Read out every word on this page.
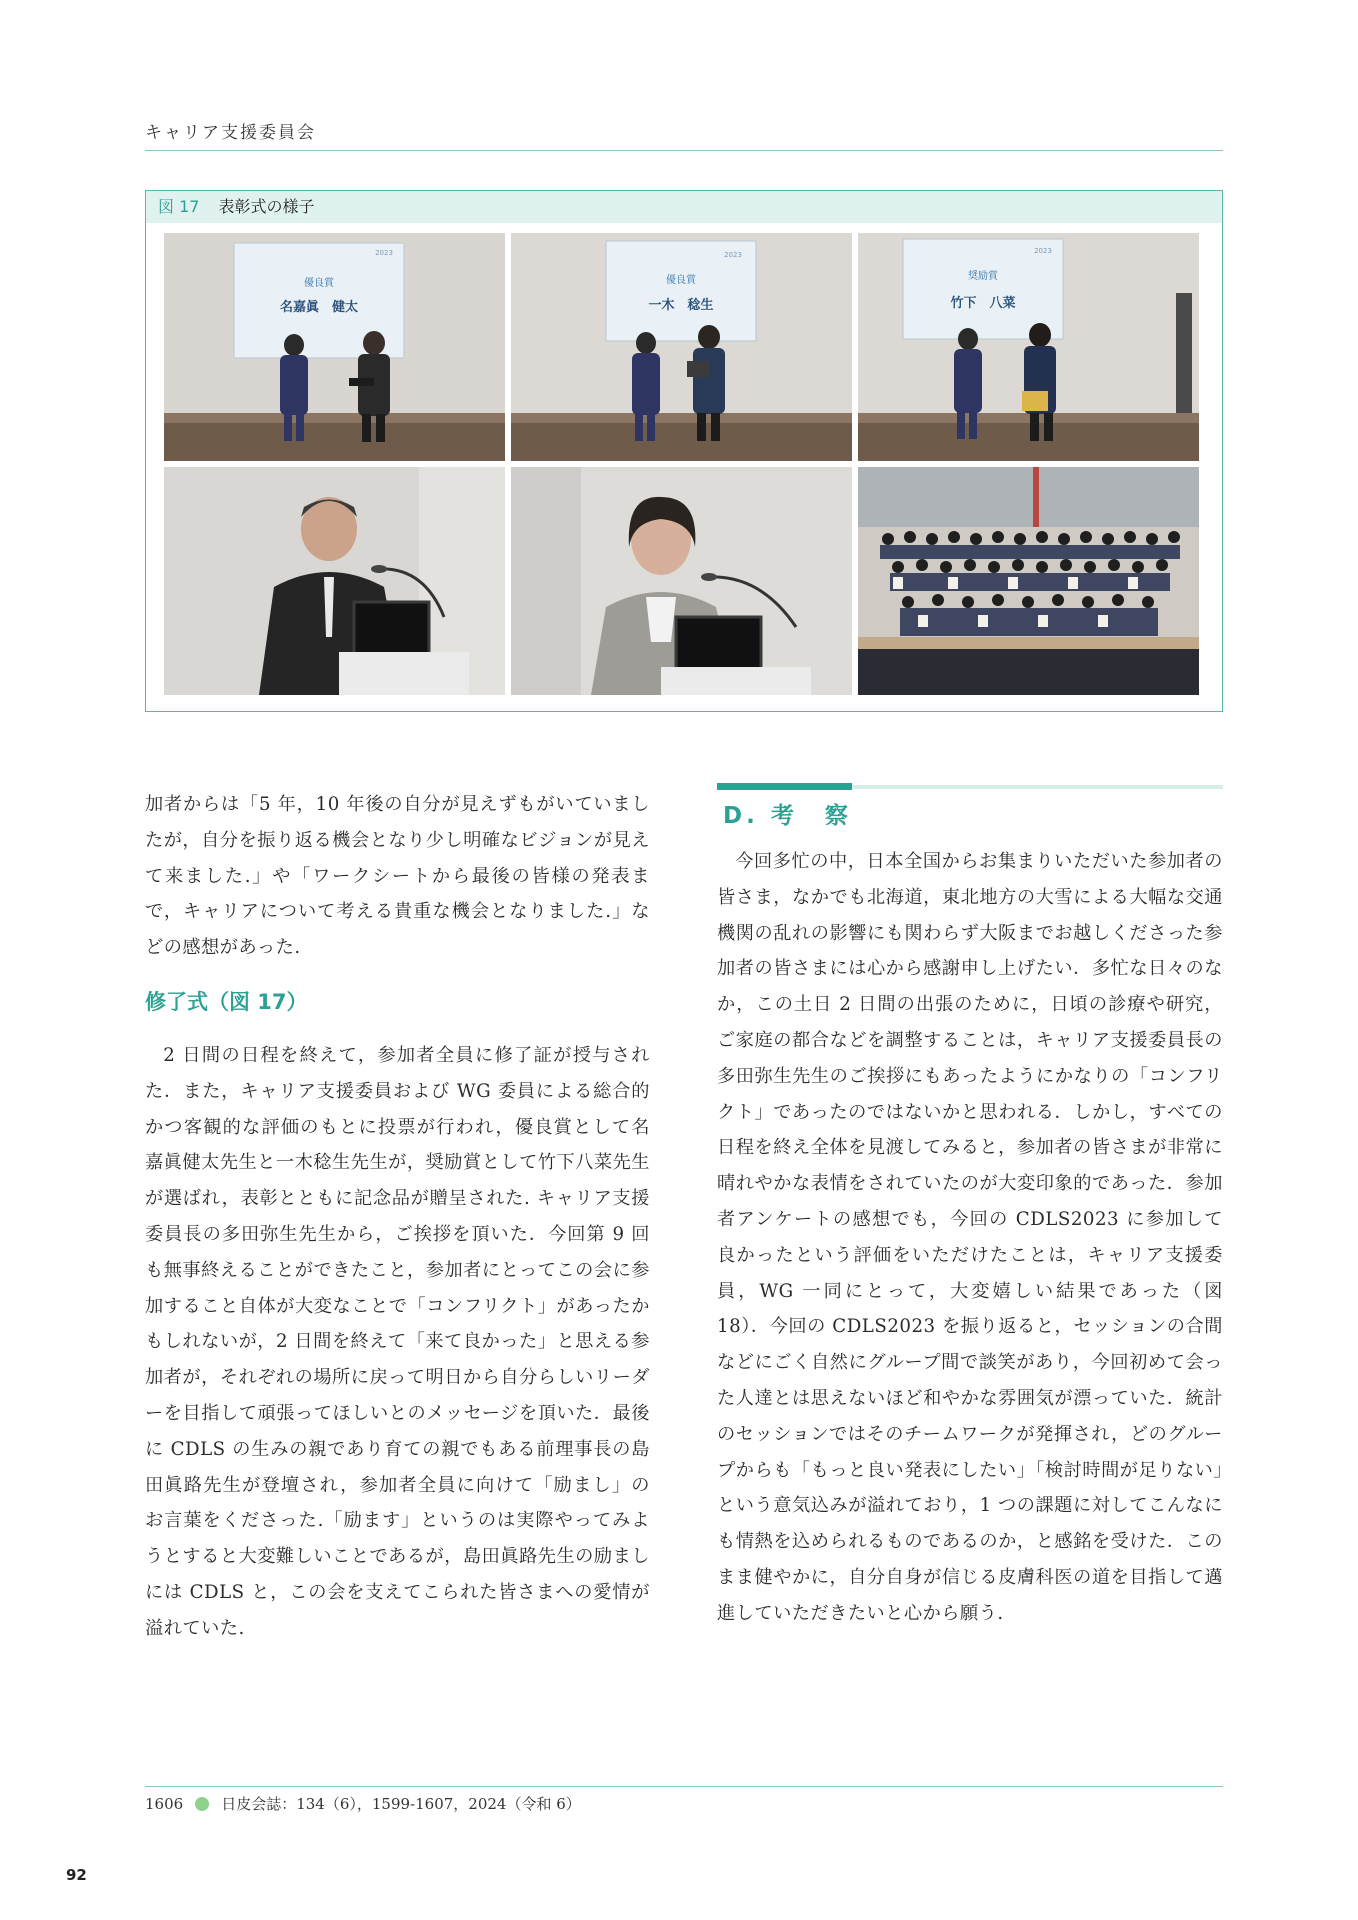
キャリア支援委員会
図 17 表彰式の様子
優良賞
名嘉眞　健太
2023
優良賞
一木　稔生
2023
奨励賞
竹下　八菜
2023

加者からは「5 年，10 年後の自分が見えずもがいていましたが，自分を振り返る機会となり少し明確なビジョンが見えて来ました.」や「ワークシートから最後の皆様の発表まで，キャリアについて考える貴重な機会となりました.」などの感想があった.

修了式（図 17）

2 日間の日程を終えて，参加者全員に修了証が授与された．また，キャリア支援委員および WG 委員による総合的かつ客観的な評価のもとに投票が行われ，優良賞として名嘉眞健太先生と一木稔生先生が，奨励賞として竹下八菜先生が選ばれ，表彰とともに記念品が贈呈された. キャリア支援委員長の多田弥生先生から，ご挨拶を頂いた．今回第 9 回も無事終えることができたこと，参加者にとってこの会に参加すること自体が大変なことで「コンフリクト」があったかもしれないが，2 日間を終えて「来て良かった」と思える参加者が，それぞれの場所に戻って明日から自分らしいリーダーを目指して頑張ってほしいとのメッセージを頂いた．最後に CDLS の生みの親であり育ての親でもある前理事長の島田眞路先生が登壇され，参加者全員に向けて「励まし」のお言葉をくださった.「励ます」というのは実際やってみようとすると大変難しいことであるが，島田眞路先生の励ましには CDLS と，この会を支えてこられた皆さまへの愛情が溢れていた.

D. 考　察

今回多忙の中，日本全国からお集まりいただいた参加者の皆さま，なかでも北海道，東北地方の大雪による大幅な交通機関の乱れの影響にも関わらず大阪までお越しくださった参加者の皆さまには心から感謝申し上げたい．多忙な日々のなか，この土日 2 日間の出張のために，日頃の診療や研究，ご家庭の都合などを調整することは，キャリア支援委員長の多田弥生先生のご挨拶にもあったようにかなりの「コンフリクト」であったのではないかと思われる．しかし，すべての日程を終え全体を見渡してみると，参加者の皆さまが非常に晴れやかな表情をされていたのが大変印象的であった．参加者アンケートの感想でも，今回の CDLS2023 に参加して良かったという評価をいただけたことは，キャリア支援委員，WG 一同にとって，大変嬉しい結果であった（図 18）．今回の CDLS2023 を振り返ると，セッションの合間などにごく自然にグループ間で談笑があり，今回初めて会った人達とは思えないほど和やかな雰囲気が漂っていた．統計のセッションではそのチームワークが発揮され，どのグループからも「もっと良い発表にしたい」「検討時間が足りない」という意気込みが溢れており，1 つの課題に対してこんなにも情熱を込められるものであるのか，と感銘を受けた．このまま健やかに，自分自身が信じる皮膚科医の道を目指して邁進していただきたいと心から願う.

1606	日皮会誌：134（6），1599-1607，2024（令和 6）
92
